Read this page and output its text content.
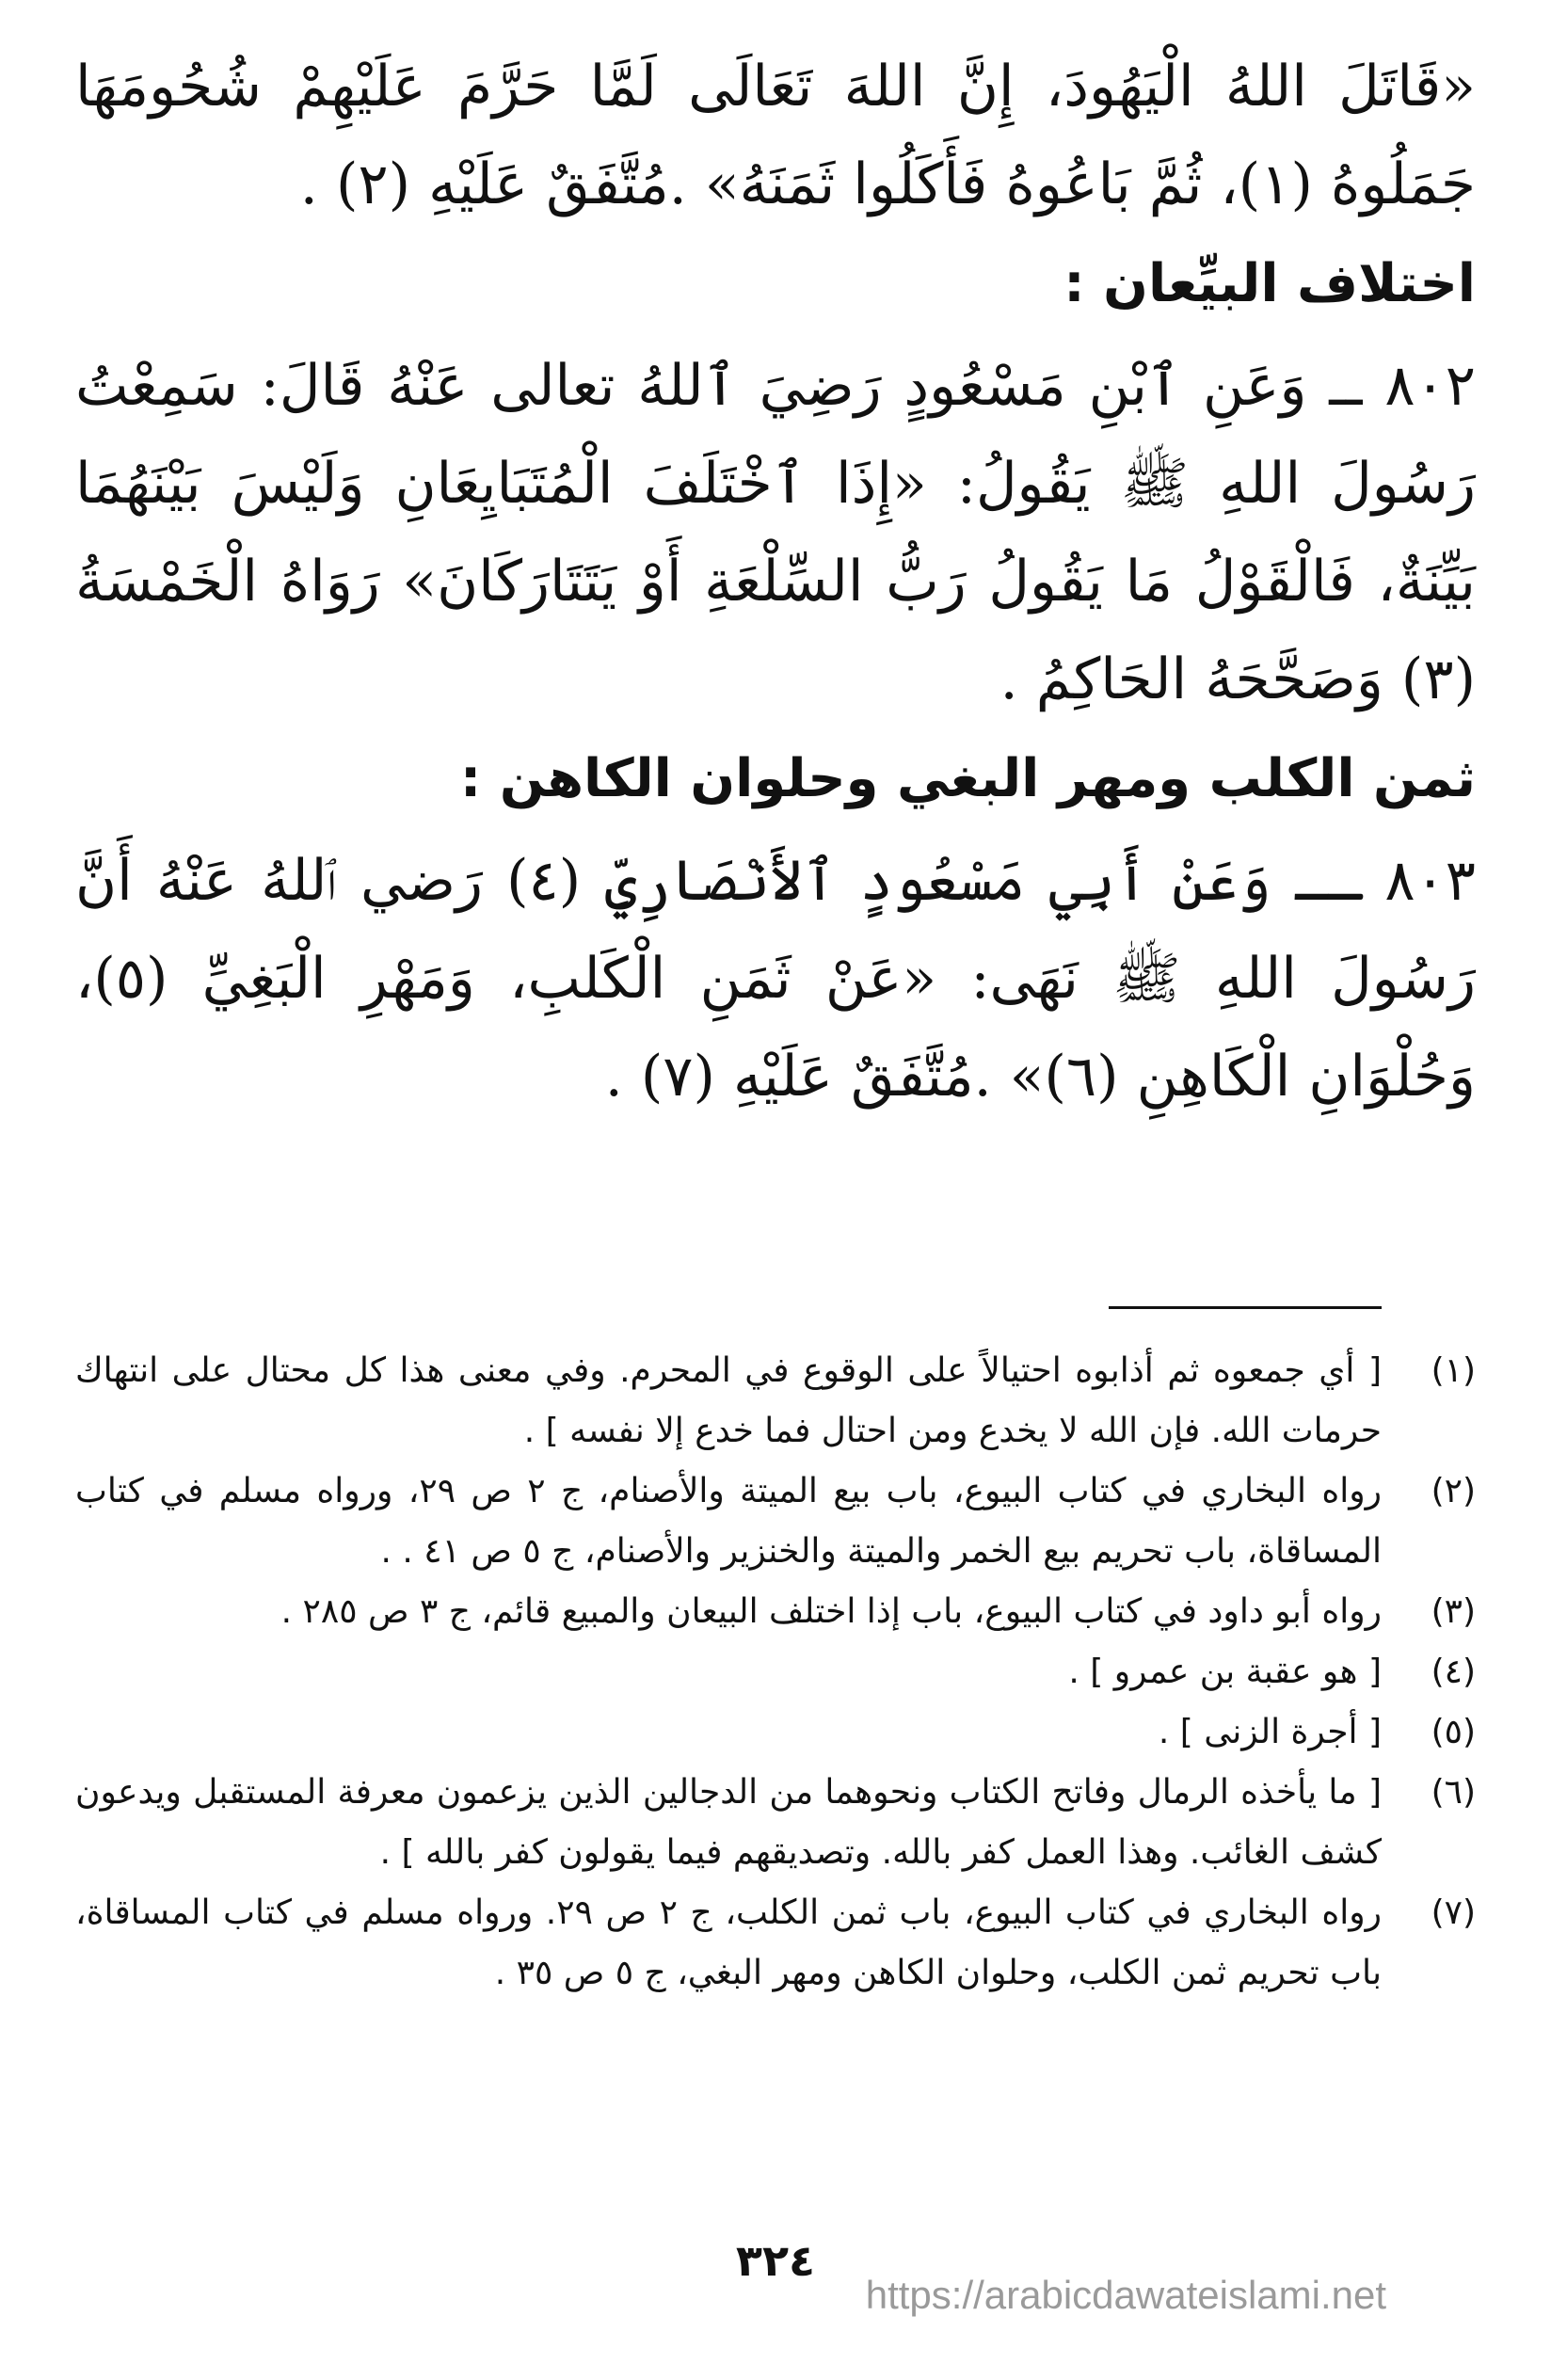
«قَاتَلَ اللهُ الْيَهُودَ، إِنَّ اللهَ تَعَالَى لَمَّا حَرَّمَ عَلَيْهِمْ شُحُومَهَا جَمَلُوهُ (١)، ثُمَّ بَاعُوهُ فَأَكَلُوا ثَمَنَهُ» .مُتَّفَقٌ عَلَيْهِ (٢) .

اختلاف البيِّعان :

٨٠٢ ــ وَعَنِ ٱبْنِ مَسْعُودٍ رَضِيَ ٱللهُ تعالى عَنْهُ قَالَ: سَمِعْتُ رَسُولَ اللهِ ﷺ يَقُولُ: «إِذَا ٱخْتَلَفَ الْمُتَبَايِعَانِ وَلَيْسَ بَيْنَهُمَا بَيِّنَةٌ، فَالْقَوْلُ مَا يَقُولُ رَبُّ السِّلْعَةِ أَوْ يَتَتَارَكَانَ» رَوَاهُ الْخَمْسَةُ (٣) وَصَحَّحَهُ الحَاكِمُ .

ثمن الكلب ومهر البغي وحلوان الكاهن :

٨٠٣ ــ وَعَنْ أَبِي مَسْعُودٍ ٱلأَنْصَارِيِّ (٤) رَضي ٱللهُ عَنْهُ أَنَّ رَسُولَ اللهِ ﷺ نَهَى: «عَنْ ثَمَنِ الْكَلبِ، وَمَهْرِ الْبَغِيِّ (٥)، وَحُلْوَانِ الْكَاهِنِ (٦)» .مُتَّفَقٌ عَلَيْهِ (٧) .

(١)
[ أي جمعوه ثم أذابوه احتيالاً على الوقوع في المحرم. وفي معنى هذا كل محتال على انتهاك حرمات الله. فإن الله لا يخدع ومن احتال فما خدع إلا نفسه ] .
(٢)
رواه البخاري في كتاب البيوع، باب بيع الميتة والأصنام، ج ٢ ص ٢٩، ورواه مسلم في كتاب المساقاة، باب تحريم بيع الخمر والميتة والخنزير والأصنام، ج ٥ ص ٤١ . .
(٣)
رواه أبو داود في كتاب البيوع، باب إذا اختلف البيعان والمبيع قائم، ج ٣ ص ٢٨٥ .
(٤)
[ هو عقبة بن عمرو ] .
(٥)
[ أجرة الزنى ] .
(٦)
[ ما يأخذه الرمال وفاتح الكتاب ونحوهما من الدجالين الذين يزعمون معرفة المستقبل ويدعون كشف الغائب. وهذا العمل كفر بالله. وتصديقهم فيما يقولون كفر بالله ] .
(٧)
رواه البخاري في كتاب البيوع، باب ثمن الكلب، ج ٢ ص ٢٩. ورواه مسلم في كتاب المساقاة، باب تحريم ثمن الكلب، وحلوان الكاهن ومهر البغي، ج ٥ ص ٣٥ .
٣٢٤
https://arabicdawateislami.net
